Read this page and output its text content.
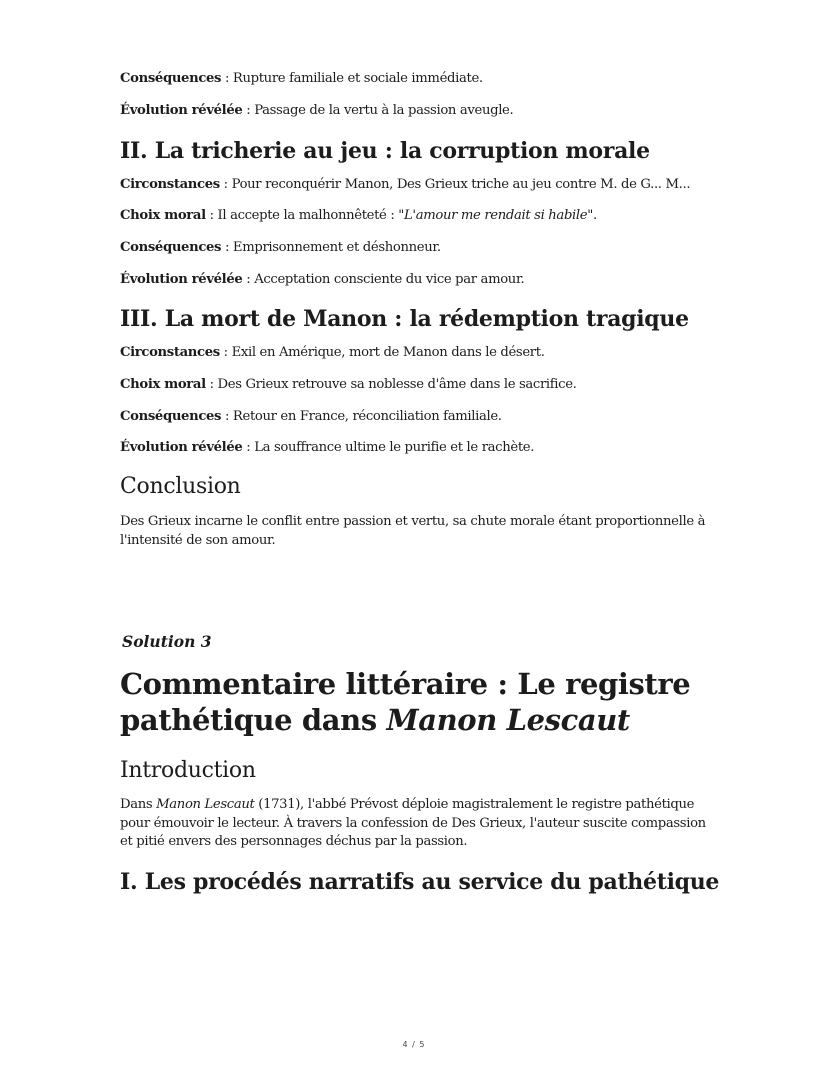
Conséquences : Rupture familiale et sociale immédiate.
Évolution révélée : Passage de la vertu à la passion aveugle.
II. La tricherie au jeu : la corruption morale
Circonstances : Pour reconquérir Manon, Des Grieux triche au jeu contre M. de G... M...
Choix moral : Il accepte la malhonnêteté : "L'amour me rendait si habile".
Conséquences : Emprisonnement et déshonneur.
Évolution révélée : Acceptation consciente du vice par amour.
III. La mort de Manon : la rédemption tragique
Circonstances : Exil en Amérique, mort de Manon dans le désert.
Choix moral : Des Grieux retrouve sa noblesse d'âme dans le sacrifice.
Conséquences : Retour en France, réconciliation familiale.
Évolution révélée : La souffrance ultime le purifie et le rachète.
Conclusion
Des Grieux incarne le conflit entre passion et vertu, sa chute morale étant proportionnelle à l'intensité de son amour.
Solution 3
Commentaire littéraire : Le registre pathétique dans Manon Lescaut
Introduction
Dans Manon Lescaut (1731), l'abbé Prévost déploie magistralement le registre pathétique pour émouvoir le lecteur. À travers la confession de Des Grieux, l'auteur suscite compassion et pitié envers des personnages déchus par la passion.
I. Les procédés narratifs au service du pathétique
4 / 5
